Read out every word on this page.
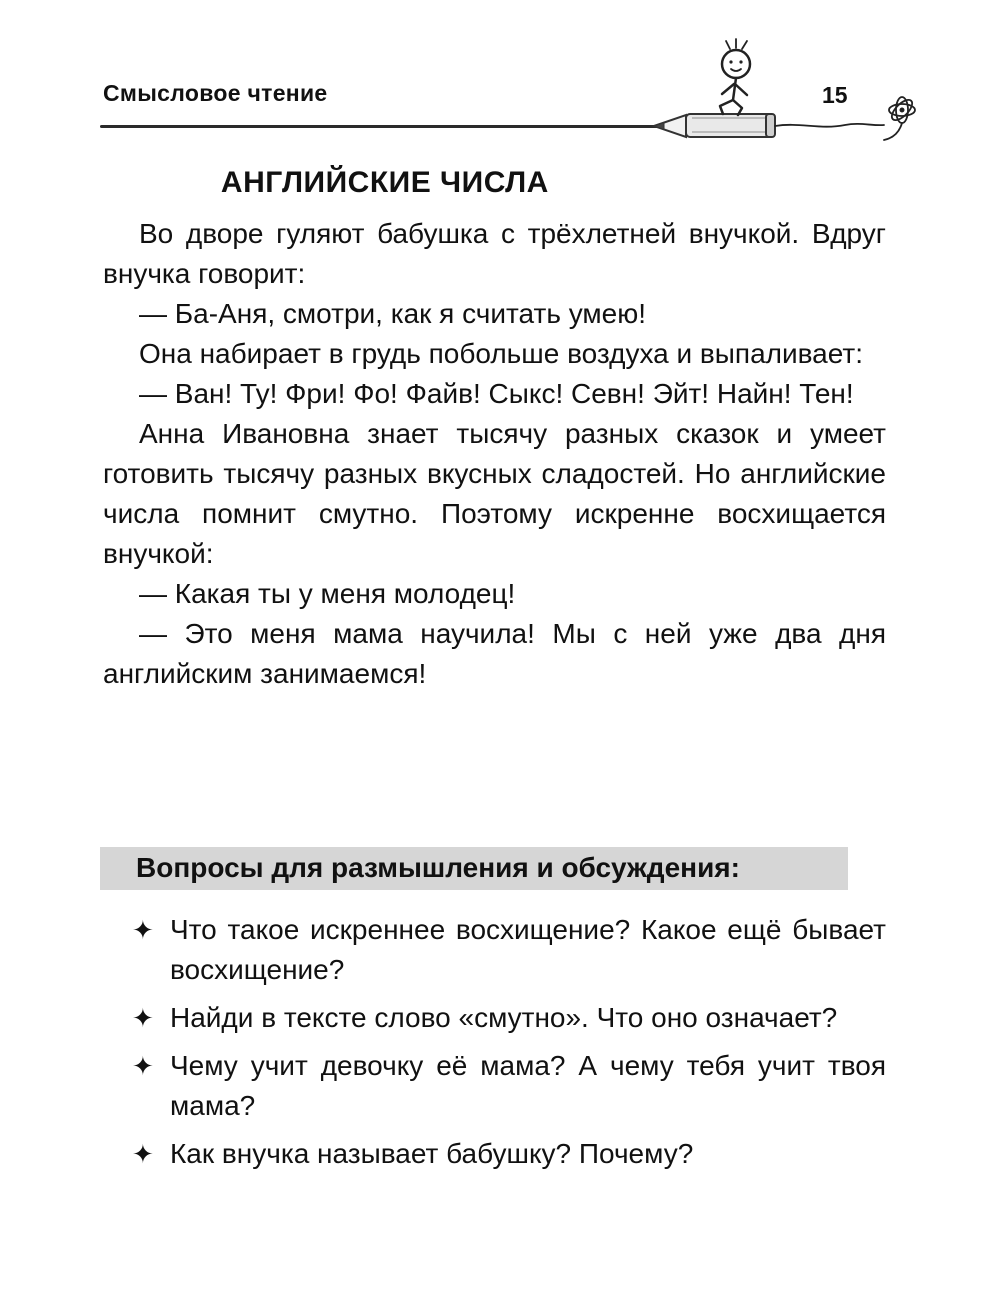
Смысловое чтение	15
АНГЛИЙСКИЕ ЧИСЛА
Во дворе гуляют бабушка с трёхлетней внучкой. Вдруг внучка говорит:
— Ба-Аня, смотри, как я считать умею!
Она набирает в грудь побольше воздуха и выпаливает:
— Ван! Ту! Фри! Фо! Файв! Сыкс! Севн! Эйт! Найн! Тен!
Анна Ивановна знает тысячу разных сказок и умеет готовить тысячу разных вкусных сладостей. Но английские числа помнит смутно. Поэтому искренне восхищается внучкой:
— Какая ты у меня молодец!
— Это меня мама научила! Мы с ней уже два дня английским занимаемся!
Вопросы для размышления и обсуждения:
✦ Что такое искреннее восхищение? Какое ещё бывает восхищение?
✦ Найди в тексте слово «смутно». Что оно означает?
✦ Чему учит девочку её мама? А чему тебя учит твоя мама?
✦ Как внучка называет бабушку? Почему?
